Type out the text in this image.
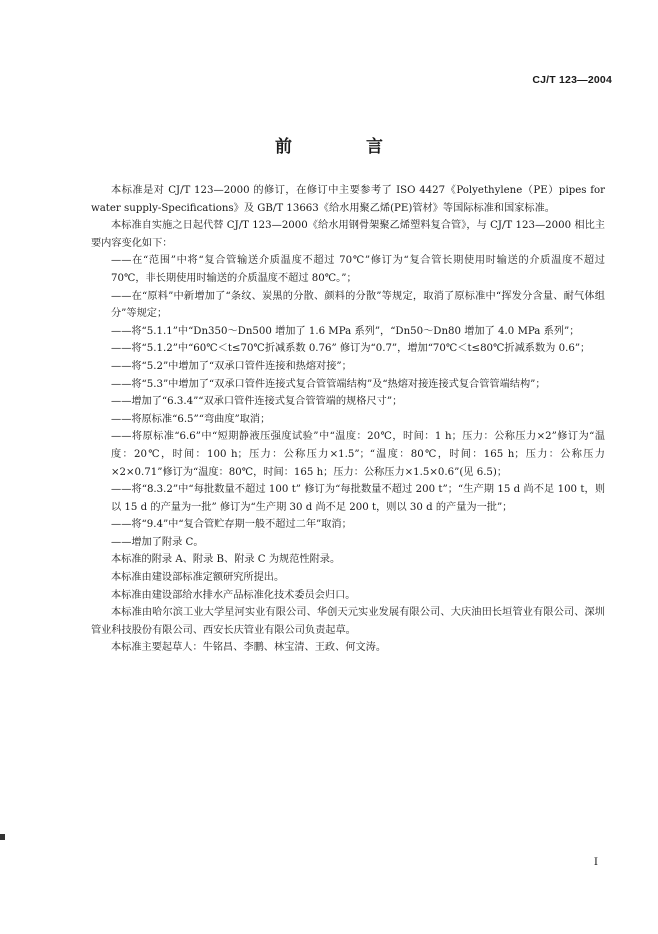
CJ/T 123—2004
前 言

本标准是对 CJ/T 123—2000 的修订，在修订中主要参考了 ISO 4427《Polyethylene（PE）pipes for water supply-Specifications》及 GB/T 13663《给水用聚乙烯(PE)管材》等国际标准和国家标准。

本标准自实施之日起代替 CJ/T 123—2000《给水用钢骨架聚乙烯塑料复合管》，与 CJ/T 123—2000 相比主要内容变化如下：

——在“范围”中将“复合管输送介质温度不超过 70℃”修订为“复合管长期使用时输送的介质温度不超过 70℃，非长期使用时输送的介质温度不超过 80℃。”；

——在“原料”中新增加了“条纹、炭黑的分散、颜料的分散”等规定，取消了原标准中“挥发分含量、耐气体组分”等规定；

——将“5.1.1”中“Dn350～Dn500 增加了 1.6 MPa 系列”，“Dn50～Dn80 增加了 4.0 MPa 系列”；

——将“5.1.2”中“60℃＜t≤70℃折减系数 0.76” 修订为“0.7”，增加“70℃＜t≤80℃折减系数为 0.6”；

——将“5.2”中增加了“双承口管件连接和热熔对接”；

——将“5.3”中增加了“双承口管件连接式复合管管端结构”及“热熔对接连接式复合管管端结构”；

——增加了“6.3.4”“双承口管件连接式复合管管端的规格尺寸”；

——将原标准“6.5”“弯曲度”取消；

——将原标准“6.6”中“短期静液压强度试验”中“温度：20℃，时间：1 h；压力：公称压力×2”修订为“温度：20℃，时间：100 h；压力：公称压力×1.5”；“温度：80℃，时间：165 h；压力：公称压力×2×0.71”修订为“温度：80℃，时间：165 h；压力：公称压力×1.5×0.6”(见 6.5)；

——将“8.3.2”中“每批数量不超过 100 t” 修订为“每批数量不超过 200 t”；“生产期 15 d 尚不足 100 t，则以 15 d 的产量为一批” 修订为“生产期 30 d 尚不足 200 t，则以 30 d 的产量为一批”；

——将“9.4”中“复合管贮存期一般不超过二年”取消；

——增加了附录 C。

本标准的附录 A、附录 B、附录 C 为规范性附录。

本标准由建设部标准定额研究所提出。

本标准由建设部给水排水产品标准化技术委员会归口。

本标准由哈尔滨工业大学星河实业有限公司、华创天元实业发展有限公司、大庆油田长垣管业有限公司、深圳管业科技股份有限公司、西安长庆管业有限公司负责起草。

本标准主要起草人：牛铭昌、李鹏、林宝清、王政、何文涛。

I
